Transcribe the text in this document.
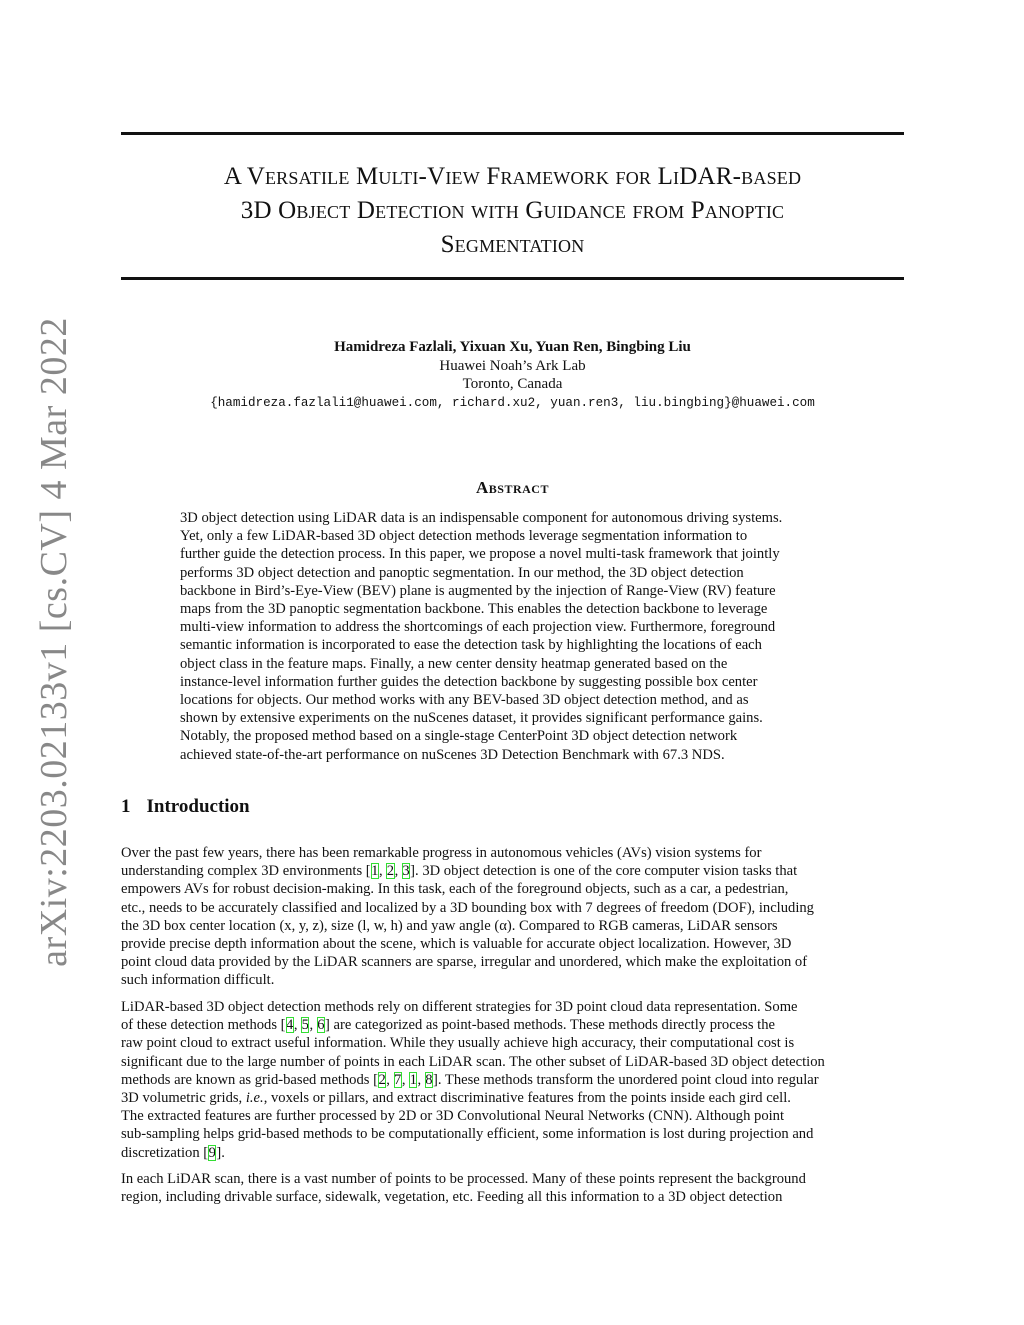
arXiv:2203.02133v1 [cs.CV] 4 Mar 2022
A Versatile Multi-View Framework for LiDAR-based
3D Object Detection with Guidance from Panoptic
Segmentation
Hamidreza Fazlali, Yixuan Xu, Yuan Ren, Bingbing Liu
Huawei Noah’s Ark Lab
Toronto, Canada
{hamidreza.fazlali1@huawei.com, richard.xu2, yuan.ren3, liu.bingbing}@huawei.com
Abstract
3D object detection using LiDAR data is an indispensable component for autonomous driving systems.
Yet, only a few LiDAR-based 3D object detection methods leverage segmentation information to
further guide the detection process. In this paper, we propose a novel multi-task framework that jointly
performs 3D object detection and panoptic segmentation. In our method, the 3D object detection
backbone in Bird’s-Eye-View (BEV) plane is augmented by the injection of Range-View (RV) feature
maps from the 3D panoptic segmentation backbone. This enables the detection backbone to leverage
multi-view information to address the shortcomings of each projection view. Furthermore, foreground
semantic information is incorporated to ease the detection task by highlighting the locations of each
object class in the feature maps. Finally, a new center density heatmap generated based on the
instance-level information further guides the detection backbone by suggesting possible box center
locations for objects. Our method works with any BEV-based 3D object detection method, and as
shown by extensive experiments on the nuScenes dataset, it provides significant performance gains.
Notably, the proposed method based on a single-stage CenterPoint 3D object detection network
achieved state-of-the-art performance on nuScenes 3D Detection Benchmark with 67.3 NDS.
1 Introduction
Over the past few years, there has been remarkable progress in autonomous vehicles (AVs) vision systems for
understanding complex 3D environments [1, 2, 3]. 3D object detection is one of the core computer vision tasks that
empowers AVs for robust decision-making. In this task, each of the foreground objects, such as a car, a pedestrian,
etc., needs to be accurately classified and localized by a 3D bounding box with 7 degrees of freedom (DOF), including
the 3D box center location (x, y, z), size (l, w, h) and yaw angle (α). Compared to RGB cameras, LiDAR sensors
provide precise depth information about the scene, which is valuable for accurate object localization. However, 3D
point cloud data provided by the LiDAR scanners are sparse, irregular and unordered, which make the exploitation of
such information difficult.
LiDAR-based 3D object detection methods rely on different strategies for 3D point cloud data representation. Some
of these detection methods [4, 5, 6] are categorized as point-based methods. These methods directly process the
raw point cloud to extract useful information. While they usually achieve high accuracy, their computational cost is
significant due to the large number of points in each LiDAR scan. The other subset of LiDAR-based 3D object detection
methods are known as grid-based methods [2, 7, 1, 8]. These methods transform the unordered point cloud into regular
3D volumetric grids, i.e., voxels or pillars, and extract discriminative features from the points inside each gird cell.
The extracted features are further processed by 2D or 3D Convolutional Neural Networks (CNN). Although point
sub-sampling helps grid-based methods to be computationally efficient, some information is lost during projection and
discretization [9].
In each LiDAR scan, there is a vast number of points to be processed. Many of these points represent the background
region, including drivable surface, sidewalk, vegetation, etc. Feeding all this information to a 3D object detection
